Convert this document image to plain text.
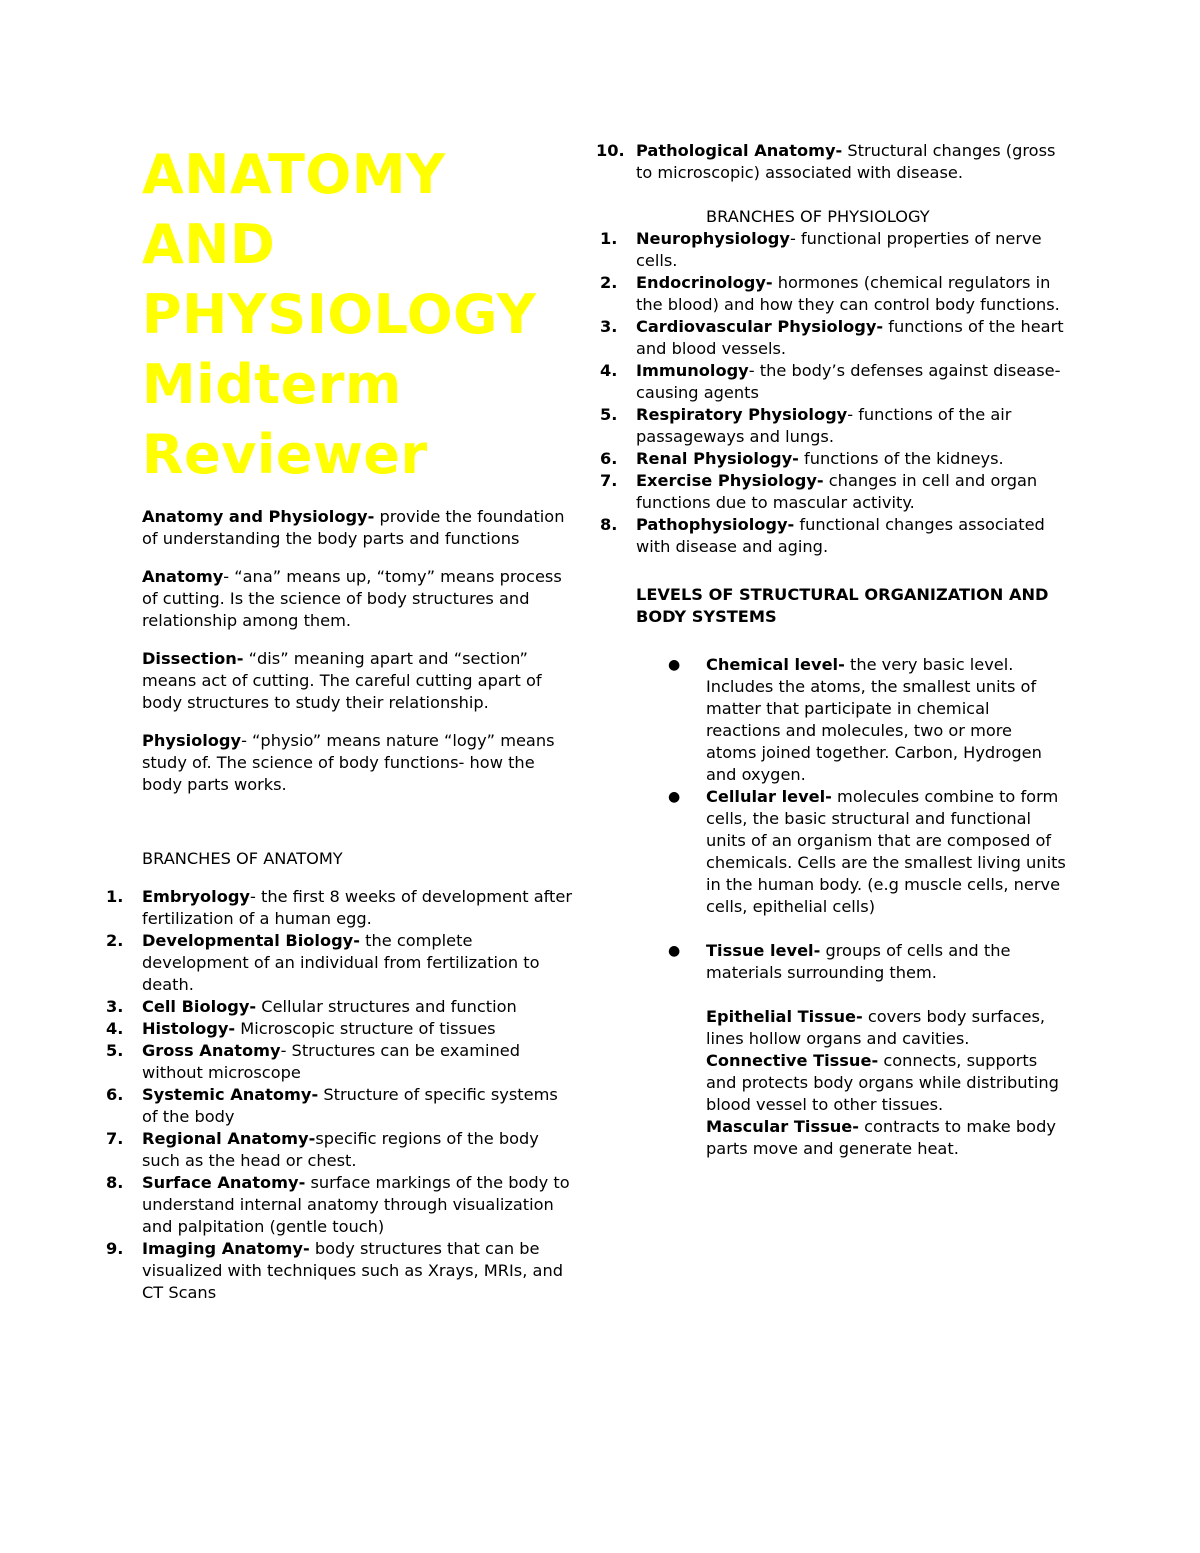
ANATOMY
AND
PHYSIOLOGY
Midterm
Reviewer

Anatomy and Physiology- provide the foundation of understanding the body parts and functions

Anatomy- “ana” means up, “tomy” means process of cutting. Is the science of body structures and relationship among them.

Dissection- “dis” meaning apart and “section” means act of cutting. The careful cutting apart of body structures to study their relationship.

Physiology- “physio” means nature “logy” means study of. The science of body functions- how the body parts works.

BRANCHES OF ANATOMY
1.	Embryology- the first 8 weeks of development after fertilization of a human egg.
2.	Developmental Biology- the complete development of an individual from fertilization to death.
3.	Cell Biology- Cellular structures and function
4.	Histology- Microscopic structure of tissues
5.	Gross Anatomy- Structures can be examined without microscope
6.	Systemic Anatomy- Structure of specific systems of the body
7.	Regional Anatomy-specific regions of the body such as the head or chest.
8.	Surface Anatomy- surface markings of the body to understand internal anatomy through visualization and palpitation (gentle touch)
9.	Imaging Anatomy- body structures that can be visualized with techniques such as Xrays, MRIs, and CT Scans
10. Pathological Anatomy- Structural changes (gross to microscopic) associated with disease.
BRANCHES OF PHYSIOLOGY
1.	Neurophysiology- functional properties of nerve cells.
2.	Endocrinology- hormones (chemical regulators in the blood) and how they can control body functions.
3.	Cardiovascular Physiology- functions of the heart and blood vessels.
4.	Immunology- the body’s defenses against disease-causing agents
5.	Respiratory Physiology- functions of the air passageways and lungs.
6.	Renal Physiology- functions of the kidneys.
7.	Exercise Physiology- changes in cell and organ functions due to mascular activity.
8.	Pathophysiology- functional changes associated with disease and aging.
LEVELS OF STRUCTURAL ORGANIZATION AND BODY SYSTEMS
● Chemical level- the very basic level. Includes the atoms, the smallest units of matter that participate in chemical reactions and molecules, two or more atoms joined together. Carbon, Hydrogen and oxygen.
● Cellular level- molecules combine to form cells, the basic structural and functional units of an organism that are composed of chemicals. Cells are the smallest living units in the human body. (e.g muscle cells, nerve cells, epithelial cells)
● Tissue level- groups of cells and the materials surrounding them.
Epithelial Tissue- covers body surfaces, lines hollow organs and cavities.
Connective Tissue- connects, supports and protects body organs while distributing blood vessel to other tissues.
Mascular Tissue- contracts to make body parts move and generate heat.
